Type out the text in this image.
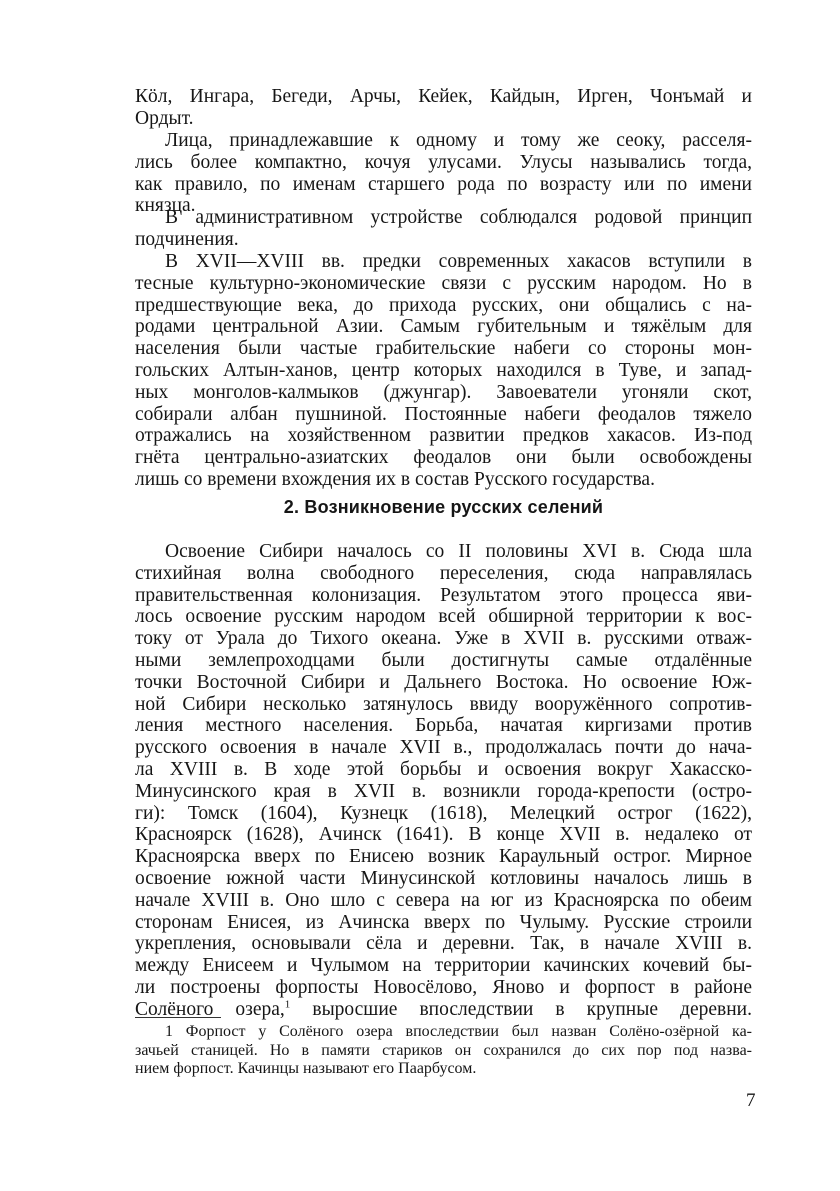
Кӧл, Ингара, Бегеди, Арчы, Кейек, Кайдын, Ирген, Чонъмай и
Ордыт.
Лица, принадлежавшие к одному и тому же сеоку, расселя-
лись более компактно, кочуя улусами. Улусы назывались тогда,
как правило, по именам старшего рода по возрасту или по имени
князца.
В административном устройстве соблюдался родовой принцип
подчинения.
В XVII—XVIII вв. предки современных хакасов вступили в
тесные культурно-экономические связи с русским народом. Но в
предшествующие века, до прихода русских, они общались с на-
родами центральной Азии. Самым губительным и тяжёлым для
населения были частые грабительские набеги со стороны мон-
гольских Алтын-ханов, центр которых находился в Туве, и запад-
ных монголов-калмыков (джунгар). Завоеватели угоняли скот,
собирали албан пушниной. Постоянные набеги феодалов тяжело
отражались на хозяйственном развитии предков хакасов. Из-под
гнёта центрально-азиатских феодалов они были освобождены
лишь со времени вхождения их в состав Русского государства.
2. Возникновение русских селений
Освоение Сибири началось со II половины XVI в. Сюда шла
стихийная волна свободного переселения, сюда направлялась
правительственная колонизация. Результатом этого процесса яви-
лось освоение русским народом всей обширной территории к вос-
току от Урала до Тихого океана. Уже в XVII в. русскими отваж-
ными землепроходцами были достигнуты самые отдалённые
точки Восточной Сибири и Дальнего Востока. Но освоение Юж-
ной Сибири несколько затянулось ввиду вооружённого сопротив-
ления местного населения. Борьба, начатая киргизами против
русского освоения в начале XVII в., продолжалась почти до нача-
ла XVIII в. В ходе этой борьбы и освоения вокруг Хакасско-
Минусинского края в XVII в. возникли города-крепости (остро-
ги): Томск (1604), Кузнецк (1618), Мелецкий острог (1622),
Красноярск (1628), Ачинск (1641). В конце XVII в. недалеко от
Красноярска вверх по Енисею возник Караульный острог. Мирное
освоение южной части Минусинской котловины началось лишь в
начале XVIII в. Оно шло с севера на юг из Красноярска по обеим
сторонам Енисея, из Ачинска вверх по Чулыму. Русские строили
укрепления, основывали сёла и деревни. Так, в начале XVIII в.
между Енисеем и Чулымом на территории качинских кочевий бы-
ли построены форпосты Новосёлово, Яново и форпост в районе
Солёного озера,$^1$ выросшие впоследствии в крупные деревни.
1 Форпост у Солёного озера впоследствии был назван Солёно-озёрной ка-
зачьей станицей. Но в памяти стариков он сохранился до сих пор под назва-
нием форпост. Качинцы называют его Паарбусом.
7
